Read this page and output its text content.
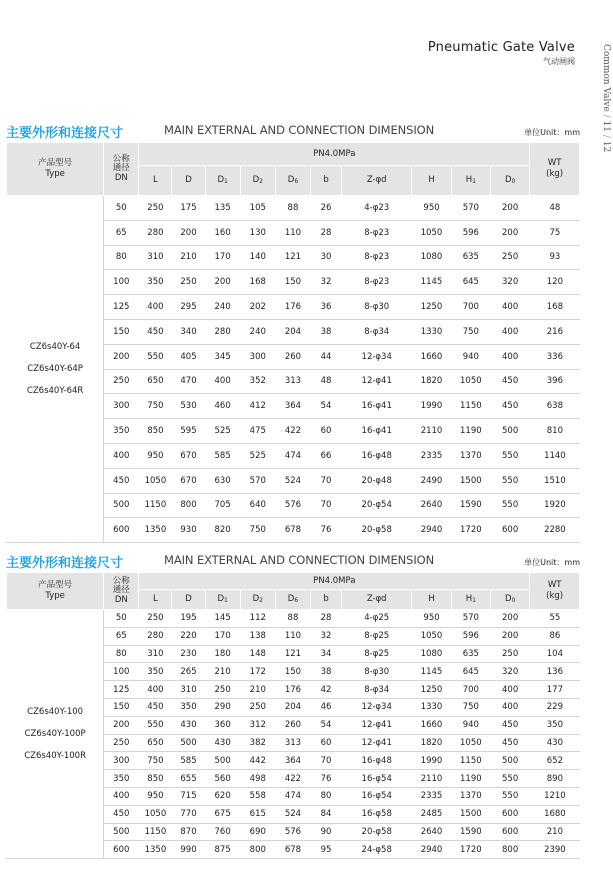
Pneumatic Gate Valve
气动闸阀	Common Valve / 11 / 12
主要外形和连接尺寸	MAIN EXTERNAL AND CONNECTION DIMENSION	单位Unit：mm
产品型号
Type	公称通径
DN	PN4.0MPa										WT
(kg)

		L	D	D1	D2	D6	b	Z-φd	H	H1	D0	

CZ6s40Y-64
CZ6s40Y-64P
CZ6s40Y-64R	50	250	175	135	105	88	26	4-φ23	950	570	200	48
	65	280	200	160	130	110	28	8-φ23	1050	596	200	75
	80	310	210	170	140	121	30	8-φ23	1080	635	250	93
	100	350	250	200	168	150	32	8-φ23	1145	645	320	120
	125	400	295	240	202	176	36	8-φ30	1250	700	400	168
	150	450	340	280	240	204	38	8-φ34	1330	750	400	216
	200	550	405	345	300	260	44	12-φ34	1660	940	400	336
	250	650	470	400	352	313	48	12-φ41	1820	1050	450	396
	300	750	530	460	412	364	54	16-φ41	1990	1150	450	638
	350	850	595	525	475	422	60	16-φ41	2110	1190	500	810
	400	950	670	585	525	474	66	16-φ48	2335	1370	550	1140
	450	1050	670	630	570	524	70	20-φ48	2490	1500	550	1510
	500	1150	800	705	640	576	70	20-φ54	2640	1590	550	1920
	600	1350	930	820	750	678	76	20-φ58	2940	1720	600	2280
主要外形和连接尺寸	MAIN EXTERNAL AND CONNECTION DIMENSION	单位Unit：mm
产品型号
Type	公称通径
DN	PN4.0MPa										WT
(kg)

		L	D	D1	D2	D6	b	Z-φd	H	H1	D0	

CZ6s40Y-100
CZ6s40Y-100P
CZ6s40Y-100R	50	250	195	145	112	88	28	4-φ25	950	570	200	55
	65	280	220	170	138	110	32	8-φ25	1050	596	200	86
	80	310	230	180	148	121	34	8-φ25	1080	635	250	104
	100	350	265	210	172	150	38	8-φ30	1145	645	320	136
	125	400	310	250	210	176	42	8-φ34	1250	700	400	177
	150	450	350	290	250	204	46	12-φ34	1330	750	400	229
	200	550	430	360	312	260	54	12-φ41	1660	940	450	350
	250	650	500	430	382	313	60	12-φ41	1820	1050	450	430
	300	750	585	500	442	364	70	16-φ48	1990	1150	500	652
	350	850	655	560	498	422	76	16-φ54	2110	1190	550	890
	400	950	715	620	558	474	80	16-φ54	2335	1370	550	1210
	450	1050	770	675	615	524	84	16-φ58	2485	1500	600	1680
	500	1150	870	760	690	576	90	20-φ58	2640	1590	600	210
	600	1350	990	875	800	678	95	24-φ58	2940	1720	800	2390
